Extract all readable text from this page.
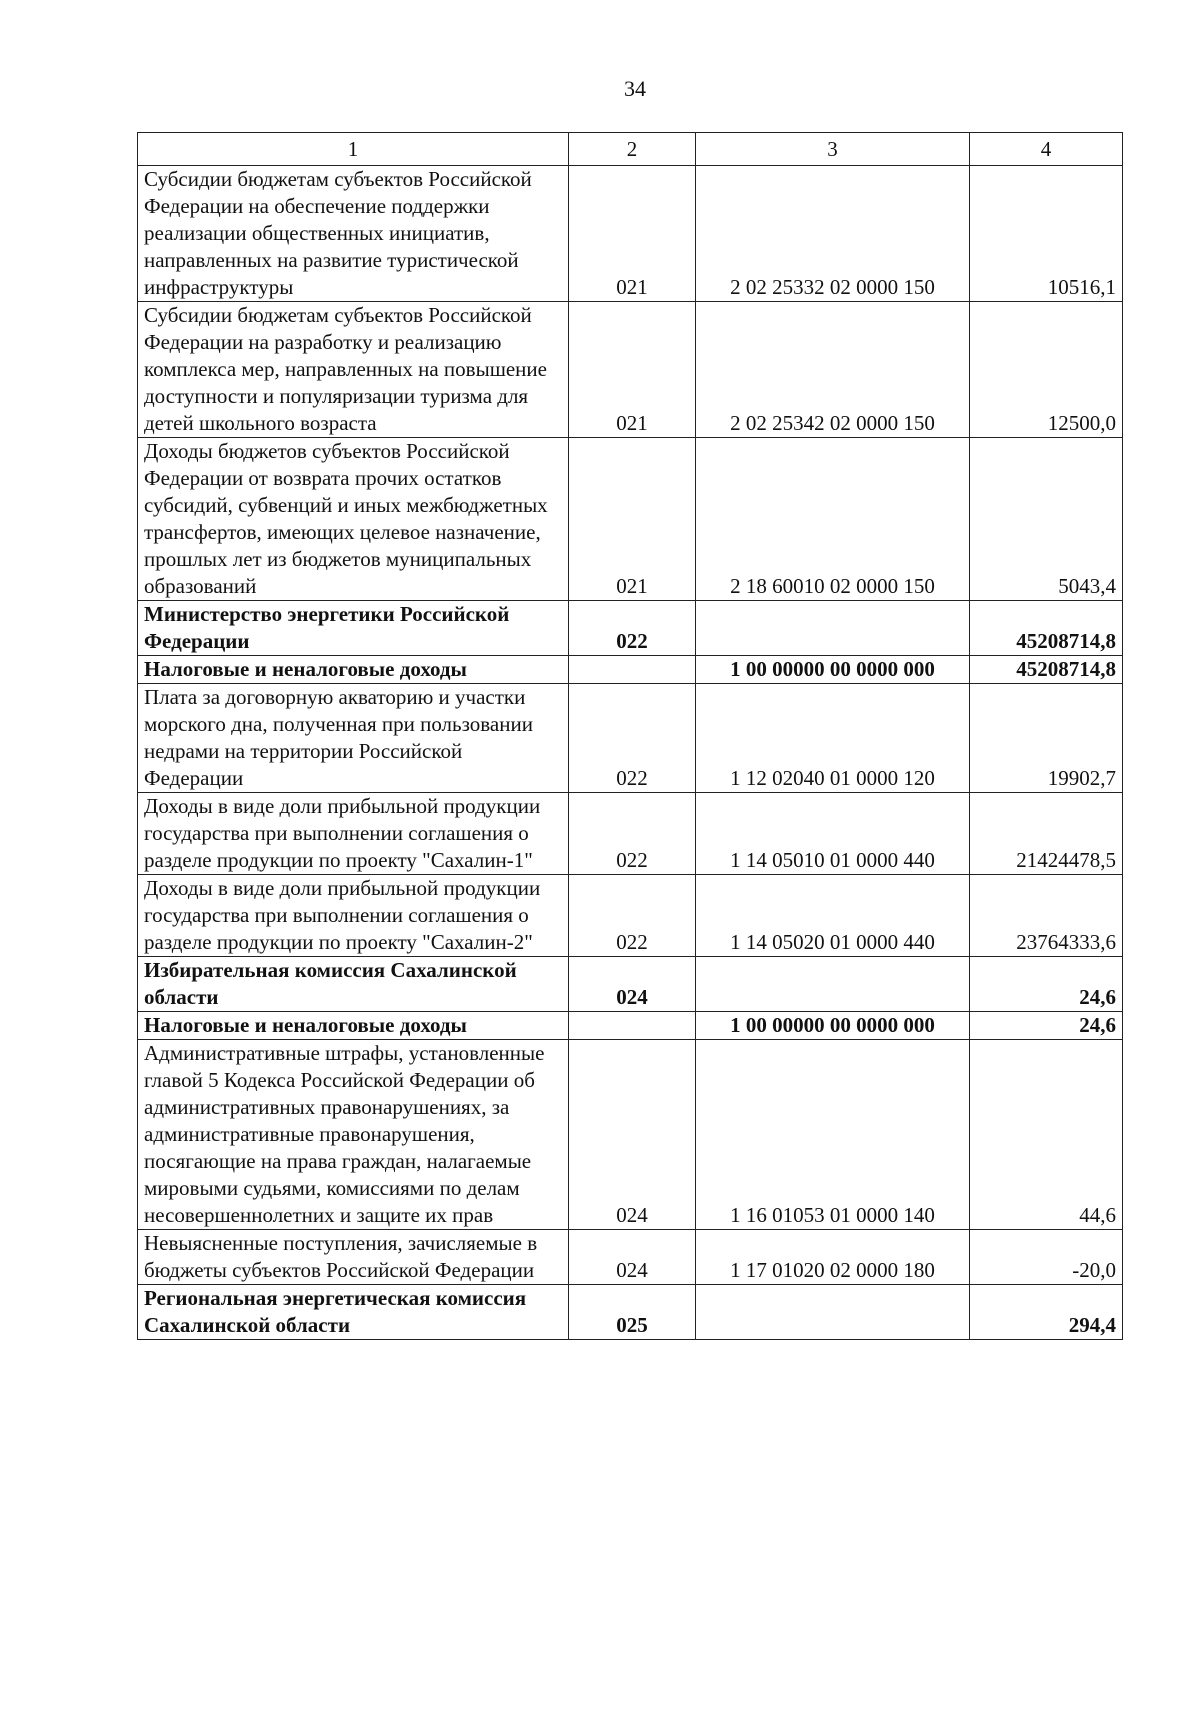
34
1	2	3	4
Субсидии бюджетам субъектов Российской Федерации на обеспечение поддержки реализации общественных инициатив, направленных на развитие туристической инфраструктуры	021	2 02 25332 02 0000 150	10516,1
Субсидии бюджетам субъектов Российской Федерации на разработку и реализацию комплекса мер, направленных на повышение доступности и популяризации туризма для детей школьного возраста	021	2 02 25342 02 0000 150	12500,0
Доходы бюджетов субъектов Российской Федерации от возврата прочих остатков субсидий, субвенций и иных межбюджетных трансфертов, имеющих целевое назначение, прошлых лет из бюджетов муниципальных образований	021	2 18 60010 02 0000 150	5043,4
Министерство энергетики Российской Федерации	022		45208714,8
Налоговые и неналоговые доходы		1 00 00000 00 0000 000	45208714,8
Плата за договорную акваторию и участки морского дна, полученная при пользовании недрами на территории Российской Федерации	022	1 12 02040 01 0000 120	19902,7
Доходы в виде доли прибыльной продукции государства при выполнении соглашения о разделе продукции по проекту "Сахалин-1"	022	1 14 05010 01 0000 440	21424478,5
Доходы в виде доли прибыльной продукции государства при выполнении соглашения о разделе продукции по проекту "Сахалин-2"	022	1 14 05020 01 0000 440	23764333,6
Избирательная комиссия Сахалинской области	024		24,6
Налоговые и неналоговые доходы		1 00 00000 00 0000 000	24,6
Административные штрафы, установленные главой 5 Кодекса Российской Федерации об административных правонарушениях, за административные правонарушения, посягающие на права граждан, налагаемые мировыми судьями, комиссиями по делам несовершеннолетних и защите их прав	024	1 16 01053 01 0000 140	44,6
Невыясненные поступления, зачисляемые в бюджеты субъектов Российской Федерации	024	1 17 01020 02 0000 180	-20,0
Региональная энергетическая комиссия Сахалинской области	025		294,4
